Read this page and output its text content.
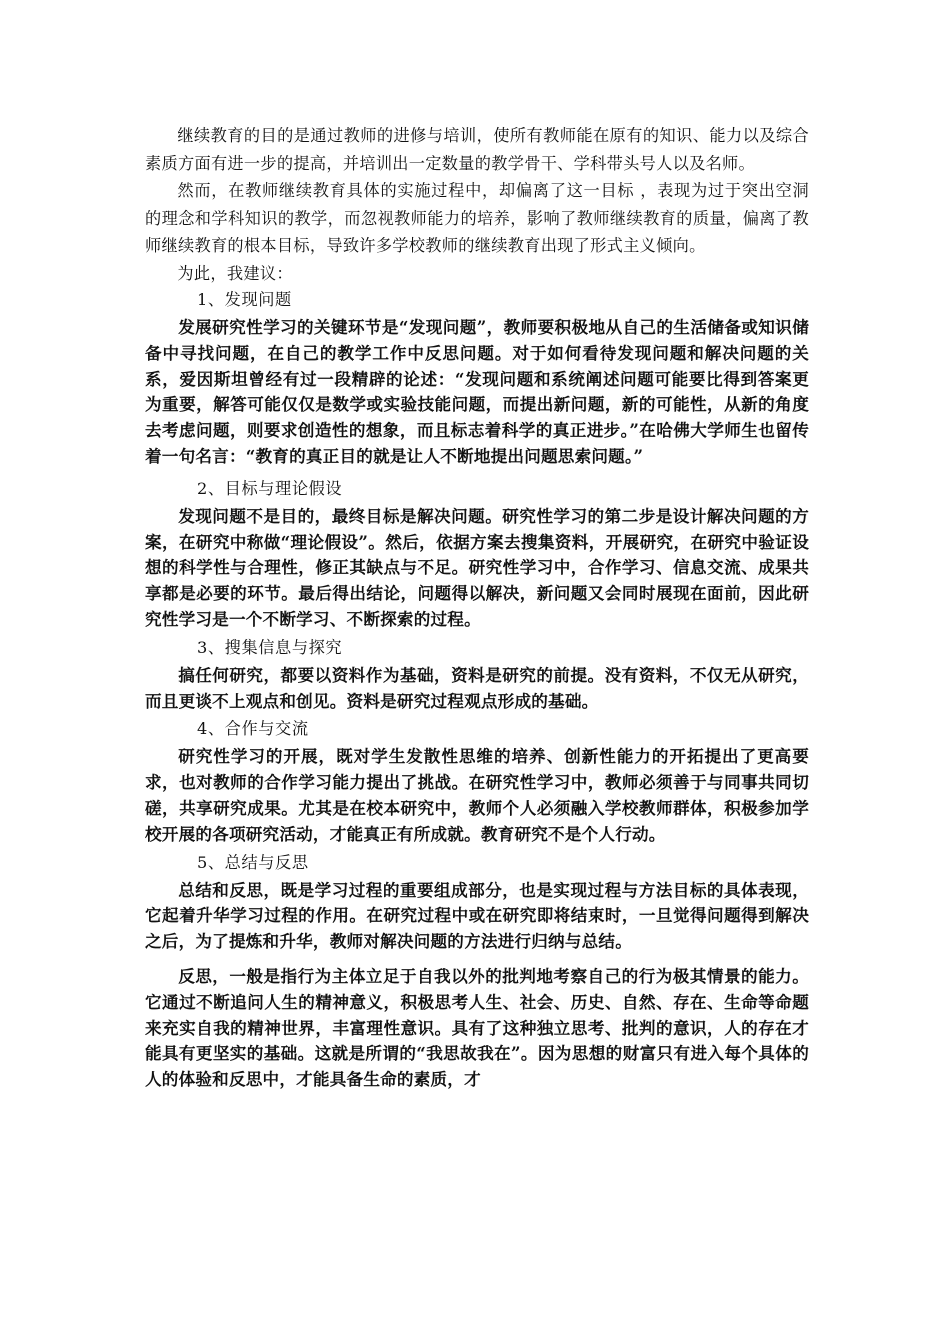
继续教育的目的是通过教师的进修与培训，使所有教师能在原有的知识、能力以及综合素质方面有进一步的提高，并培训出一定数量的教学骨干、学科带头号人以及名师。

然而，在教师继续教育具体的实施过程中，却偏离了这一目标 ，表现为过于突出空洞的理念和学科知识的教学，而忽视教师能力的培养，影响了教师继续教育的质量，偏离了教师继续教育的根本目标，导致许多学校教师的继续教育出现了形式主义倾向。

为此，我建议：

1、发现问题

发展研究性学习的关键环节是“发现问题”，教师要积极地从自己的生活储备或知识储备中寻找问题，在自己的教学工作中反思问题。对于如何看待发现问题和解决问题的关系，爱因斯坦曾经有过一段精辟的论述：“发现问题和系统阐述问题可能要比得到答案更为重要，解答可能仅仅是数学或实验技能问题，而提出新问题，新的可能性，从新的角度去考虑问题，则要求创造性的想象，而且标志着科学的真正进步。”在哈佛大学师生也留传着一句名言：“教育的真正目的就是让人不断地提出问题思索问题。”

2、目标与理论假设

发现问题不是目的，最终目标是解决问题。研究性学习的第二步是设计解决问题的方案，在研究中称做“理论假设”。然后，依据方案去搜集资料，开展研究，在研究中验证设想的科学性与合理性，修正其缺点与不足。研究性学习中，合作学习、信息交流、成果共享都是必要的环节。最后得出结论，问题得以解决，新问题又会同时展现在面前，因此研究性学习是一个不断学习、不断探索的过程。

3、搜集信息与探究

搞任何研究，都要以资料作为基础，资料是研究的前提。没有资料，不仅无从研究，而且更谈不上观点和创见。资料是研究过程观点形成的基础。

4、合作与交流

研究性学习的开展，既对学生发散性思维的培养、创新性能力的开拓提出了更高要求，也对教师的合作学习能力提出了挑战。在研究性学习中，教师必须善于与同事共同切磋，共享研究成果。尤其是在校本研究中，教师个人必须融入学校教师群体，积极参加学校开展的各项研究活动，才能真正有所成就。教育研究不是个人行动。

5、总结与反思

总结和反思，既是学习过程的重要组成部分，也是实现过程与方法目标的具体表现，它起着升华学习过程的作用。在研究过程中或在研究即将结束时，一旦觉得问题得到解决之后，为了提炼和升华，教师对解决问题的方法进行归纳与总结。

反思，一般是指行为主体立足于自我以外的批判地考察自己的行为极其情景的能力。它通过不断追问人生的精神意义，积极思考人生、社会、历史、自然、存在、生命等命题来充实自我的精神世界，丰富理性意识。具有了这种独立思考、批判的意识，人的存在才能具有更坚实的基础。这就是所谓的“我思故我在”。因为思想的财富只有进入每个具体的人的体验和反思中，才能具备生命的素质，才
